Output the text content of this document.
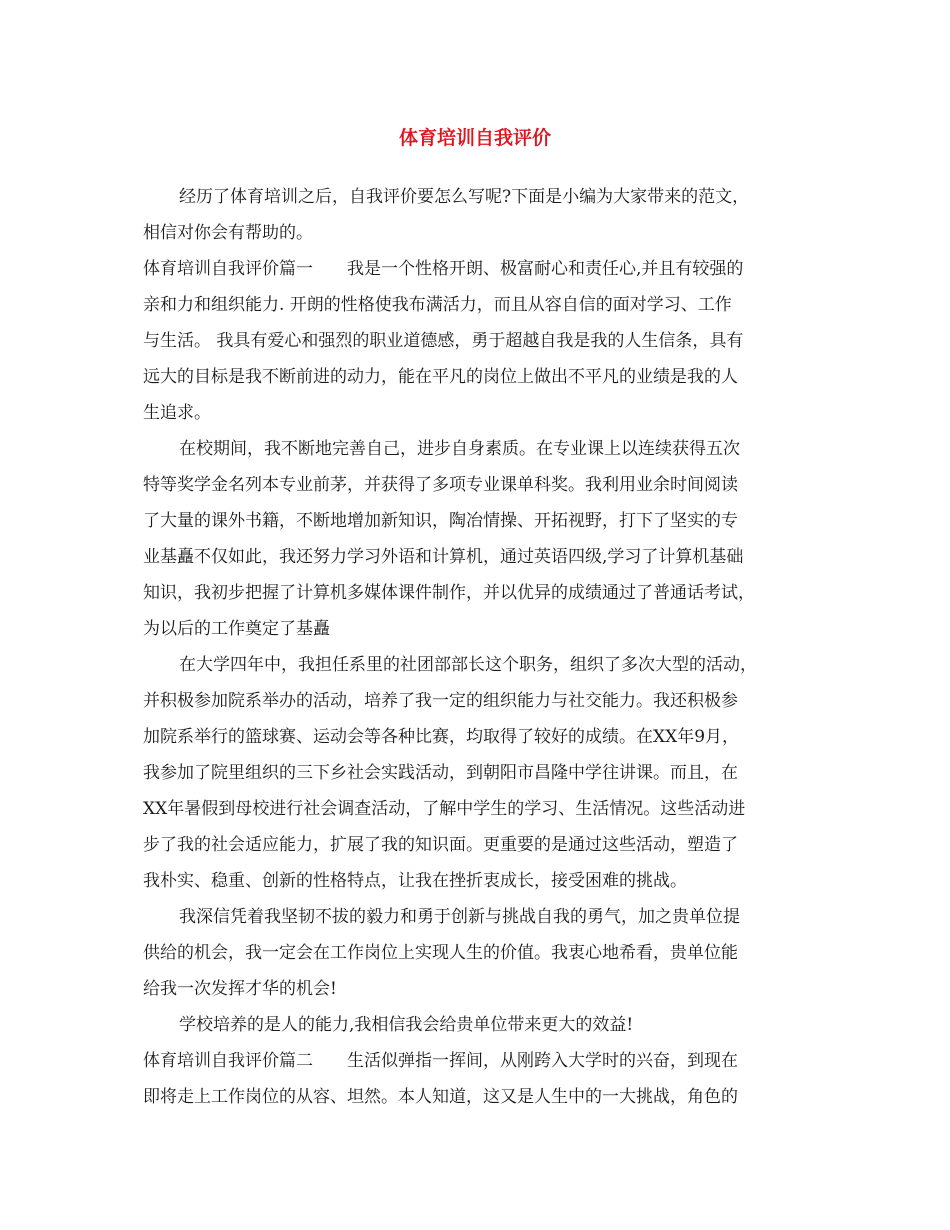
体育培训自我评价
经历了体育培训之后，自我评价要怎么写呢?下面是小编为大家带来的范文，
相信对你会有帮助的。
体育培训自我评价篇一　　我是一个性格开朗、极富耐心和责任心,并且有较强的
亲和力和组织能力. 开朗的性格使我布满活力，而且从容自信的面对学习、工作
与生活。 我具有爱心和强烈的职业道德感，勇于超越自我是我的人生信条，具有
远大的目标是我不断前进的动力，能在平凡的岗位上做出不平凡的业绩是我的人
生追求。
在校期间，我不断地完善自己，进步自身素质。在专业课上以连续获得五次
特等奖学金名列本专业前茅，并获得了多项专业课单科奖。我利用业余时间阅读
了大量的课外书籍，不断地增加新知识，陶冶情操、开拓视野，打下了坚实的专
业基矗不仅如此，我还努力学习外语和计算机，通过英语四级,学习了计算机基础
知识，我初步把握了计算机多媒体课件制作，并以优异的成绩通过了普通话考试，
为以后的工作奠定了基矗
在大学四年中，我担任系里的社团部部长这个职务，组织了多次大型的活动，
并积极参加院系举办的活动，培养了我一定的组织能力与社交能力。我还积极参
加院系举行的篮球赛、运动会等各种比赛，均取得了较好的成绩。在XX年9月，
我参加了院里组织的三下乡社会实践活动，到朝阳市昌隆中学往讲课。而且，在
XX年暑假到母校进行社会调查活动，了解中学生的学习、生活情况。这些活动进
步了我的社会适应能力，扩展了我的知识面。更重要的是通过这些活动，塑造了
我朴实、稳重、创新的性格特点，让我在挫折衷成长，接受困难的挑战。
我深信凭着我坚韧不拔的毅力和勇于创新与挑战自我的勇气，加之贵单位提
供给的机会，我一定会在工作岗位上实现人生的价值。我衷心地希看，贵单位能
给我一次发挥才华的机会!
学校培养的是人的能力,我相信我会给贵单位带来更大的效益!
体育培训自我评价篇二　　生活似弹指一挥间，从刚跨入大学时的兴奋，到现在
即将走上工作岗位的从容、坦然。本人知道，这又是人生中的一大挑战，角色的
